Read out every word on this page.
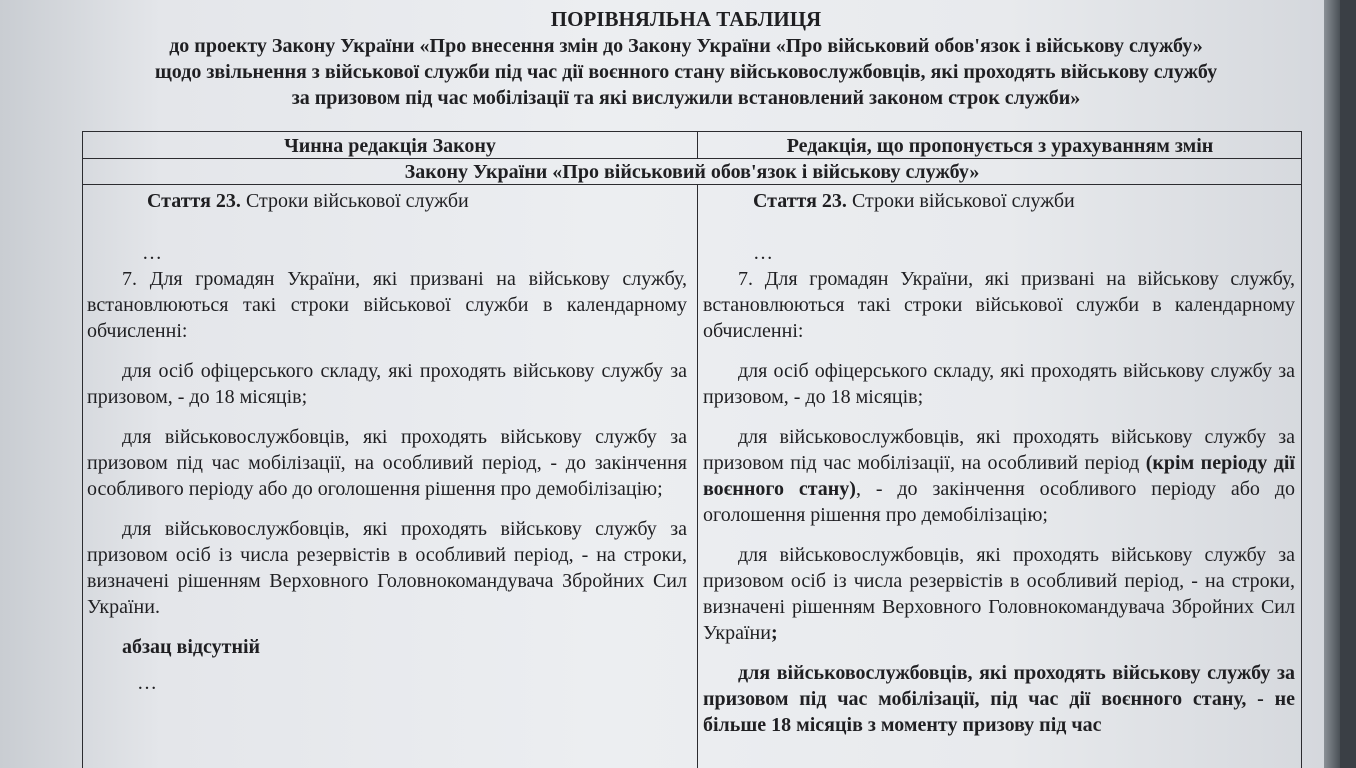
ПОРІВНЯЛЬНА ТАБЛИЦЯ
до проекту Закону України «Про внесення змін до Закону України «Про військовий обов'язок і військову службу»
щодо звільнення з військової служби під час дії воєнного стану військовослужбовців, які проходять військову службу
за призовом під час мобілізації та які вислужили встановлений законом строк служби»
Чинна редакція Закону	Редакція, що пропонується з урахуванням змін
Закону України «Про військовий обов'язок і військову службу»
Стаття 23. Строки військової служби
…
7. Для громадян України, які призвані на військову службу, встановлюються такі строки військової служби в календарному обчисленні:
для осіб офіцерського складу, які проходять військову службу за призовом, - до 18 місяців;
для військовослужбовців, які проходять військову службу за призовом під час мобілізації, на особливий період, - до закінчення особливого періоду або до оголошення рішення про демобілізацію;
для військовослужбовців, які проходять військову службу за призовом осіб із числа резервістів в особливий період, - на строки, визначені рішенням Верховного Головнокомандувача Збройних Сил України.
абзац відсутній
…
Стаття 23. Строки військової служби
…
7. Для громадян України, які призвані на військову службу, встановлюються такі строки військової служби в календарному обчисленні:
для осіб офіцерського складу, які проходять військову службу за призовом, - до 18 місяців;
для військовослужбовців, які проходять військову службу за призовом під час мобілізації, на особливий період (крім періоду дії воєнного стану), - до закінчення особливого періоду або до оголошення рішення про демобілізацію;
для військовослужбовців, які проходять військову службу за призовом осіб із числа резервістів в особливий період, - на строки, визначені рішенням Верховного Головнокомандувача Збройних Сил України;
для військовослужбовців, які проходять військову службу за призовом під час мобілізації, під час дії воєнного стану, - не більше 18 місяців з моменту призову під час
